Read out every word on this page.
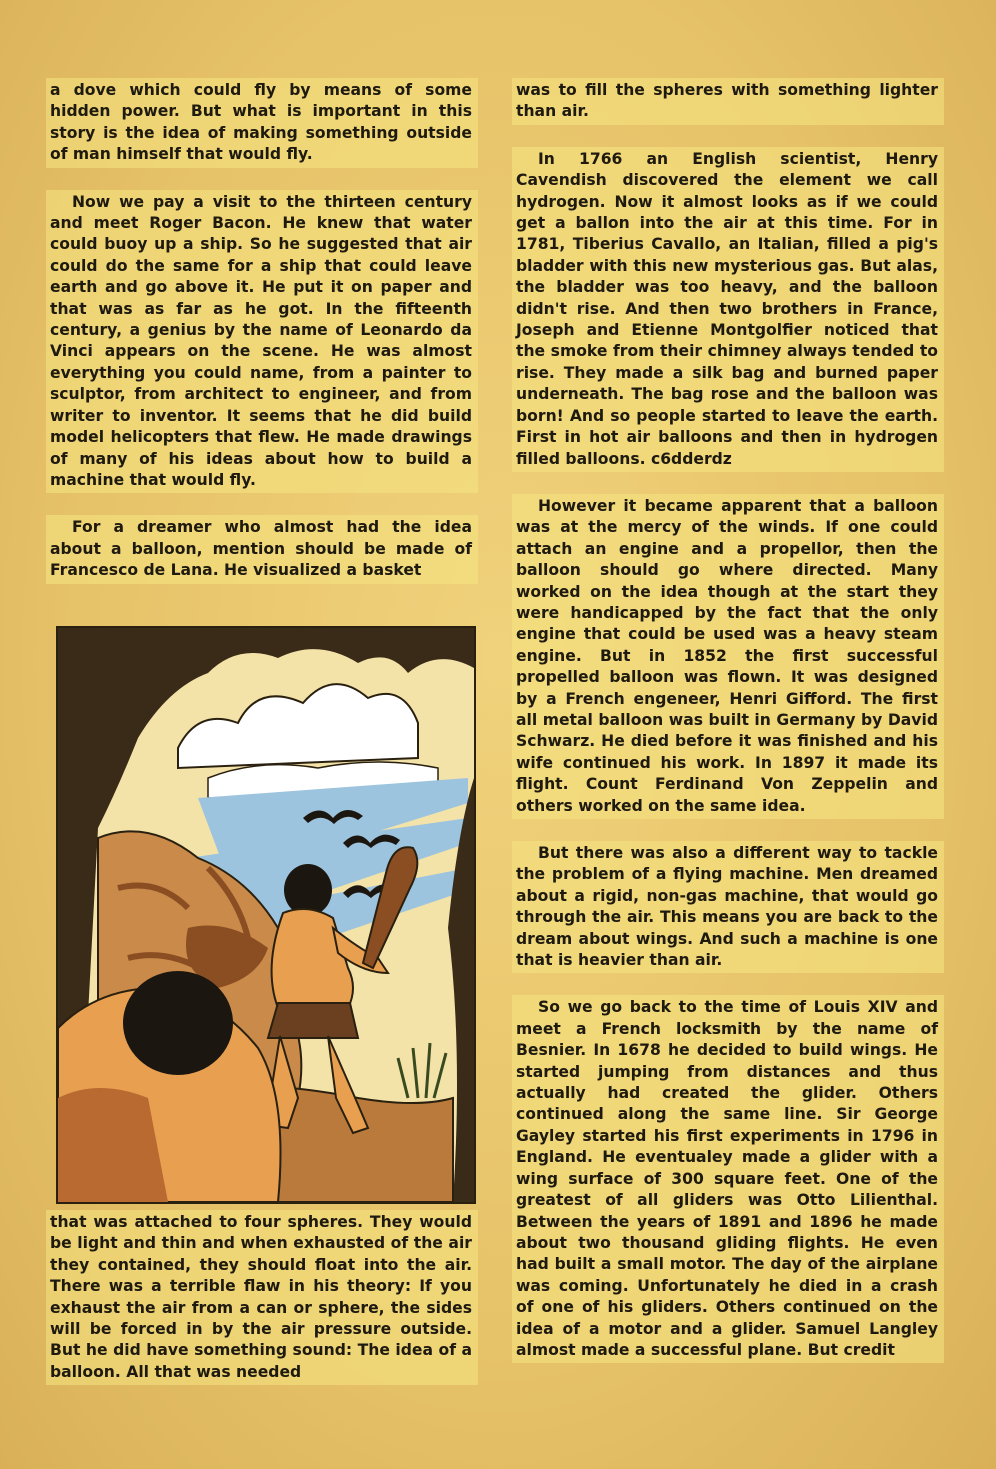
a dove which could fly by means of some hidden power. But what is important in this story is the idea of making something outside of man himself that would fly.

Now we pay a visit to the thirteen century and meet Roger Bacon. He knew that water could buoy up a ship. So he suggested that air could do the same for a ship that could leave earth and go above it. He put it on paper and that was as far as he got. In the fifteenth century, a genius by the name of Leonardo da Vinci appears on the scene. He was almost everything you could name, from a painter to sculptor, from architect to engineer, and from writer to inventor. It seems that he did build model helicopters that flew. He made drawings of many of his ideas about how to build a machine that would fly.

For a dreamer who almost had the idea about a balloon, mention should be made of Francesco de Lana. He visualized a basket

that was attached to four spheres. They would be light and thin and when exhausted of the air they contained, they should float into the air. There was a terrible flaw in his theory: If you exhaust the air from a can or sphere, the sides will be forced in by the air pressure outside. But he did have something sound: The idea of a balloon. All that was needed

was to fill the spheres with something lighter than air.

In 1766 an English scientist, Henry Cavendish discovered the element we call hydrogen. Now it almost looks as if we could get a ballon into the air at this time. For in 1781, Tiberius Cavallo, an Italian, filled a pig's bladder with this new mysterious gas. But alas, the bladder was too heavy, and the balloon didn't rise. And then two brothers in France, Joseph and Etienne Montgolfier noticed that the smoke from their chimney always tended to rise. They made a silk bag and burned paper underneath. The bag rose and the balloon was born! And so people started to leave the earth. First in hot air balloons and then in hydrogen filled balloons. c6dderdz

However it became apparent that a balloon was at the mercy of the winds. If one could attach an engine and a propellor, then the balloon should go where directed. Many worked on the idea though at the start they were handicapped by the fact that the only engine that could be used was a heavy steam engine. But in 1852 the first successful propelled balloon was flown. It was designed by a French engeneer, Henri Gifford. The first all metal balloon was built in Germany by David Schwarz. He died before it was finished and his wife continued his work. In 1897 it made its flight. Count Ferdinand Von Zeppelin and others worked on the same idea.

But there was also a different way to tackle the problem of a flying machine. Men dreamed about a rigid, non-gas machine, that would go through the air. This means you are back to the dream about wings. And such a machine is one that is heavier than air.

So we go back to the time of Louis XIV and meet a French locksmith by the name of Besnier. In 1678 he decided to build wings. He started jumping from distances and thus actually had created the glider. Others continued along the same line. Sir George Gayley started his first experiments in 1796 in England. He eventualey made a glider with a wing surface of 300 square feet. One of the greatest of all gliders was Otto Lilienthal. Between the years of 1891 and 1896 he made about two thousand gliding flights. He even had built a small motor. The day of the airplane was coming. Unfortunately he died in a crash of one of his gliders. Others continued on the idea of a motor and a glider. Samuel Langley almost made a successful plane. But credit
